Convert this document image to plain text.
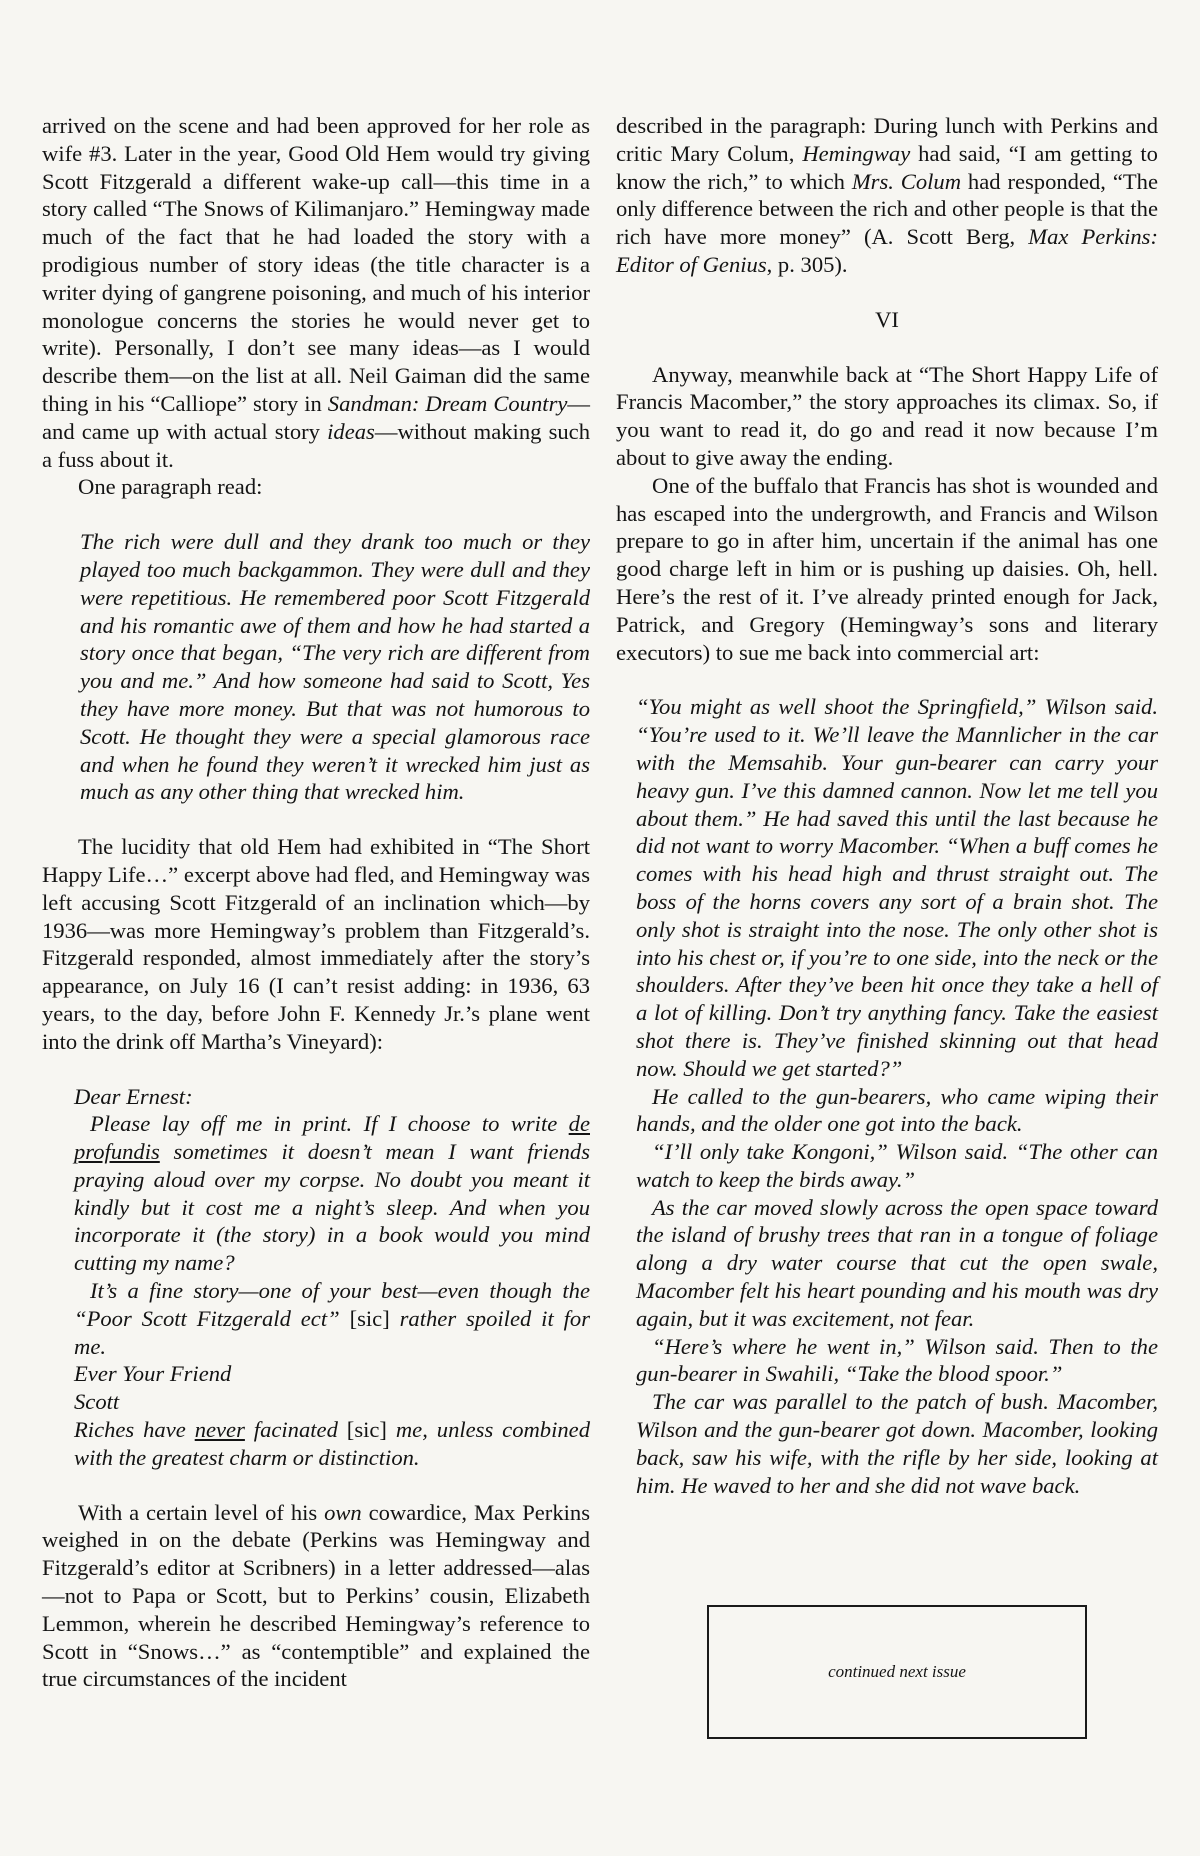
arrived on the scene and had been approved for her role as wife #3. Later in the year, Good Old Hem would try giving Scott Fitzgerald a different wake-up call—this time in a story called “The Snows of Kilimanjaro.” Hemingway made much of the fact that he had loaded the story with a prodigious number of story ideas (the title character is a writer dying of gangrene poisoning, and much of his interior monologue concerns the stories he would never get to write). Personally, I don’t see many ideas—as I would describe them—on the list at all. Neil Gaiman did the same thing in his “Calliope” story in Sandman: Dream Country—and came up with actual story ideas—without making such a fuss about it.

One paragraph read:

The rich were dull and they drank too much or they played too much backgammon. They were dull and they were repetitious. He remembered poor Scott Fitzgerald and his romantic awe of them and how he had started a story once that began, “The very rich are different from you and me.” And how someone had said to Scott, Yes they have more money. But that was not humorous to Scott. He thought they were a special glamorous race and when he found they weren’t it wrecked him just as much as any other thing that wrecked him.

The lucidity that old Hem had exhibited in “The Short Happy Life…” excerpt above had fled, and Hemingway was left accusing Scott Fitzgerald of an inclination which—by 1936—was more Hemingway’s problem than Fitzgerald’s. Fitzgerald responded, almost immediately after the story’s appearance, on July 16 (I can’t resist adding: in 1936, 63 years, to the day, before John F. Kennedy Jr.’s plane went into the drink off Martha’s Vineyard):

Dear Ernest:

Please lay off me in print. If I choose to write de profundis sometimes it doesn’t mean I want friends praying aloud over my corpse. No doubt you meant it kindly but it cost me a night’s sleep. And when you incorporate it (the story) in a book would you mind cutting my name?

It’s a fine story—one of your best—even though the “Poor Scott Fitzgerald ect” [sic] rather spoiled it for me.

Ever Your Friend

Scott

Riches have never facinated [sic] me, unless combined with the greatest charm or distinction.

With a certain level of his own cowardice, Max Perkins weighed in on the debate (Perkins was Hemingway and Fitzgerald’s editor at Scribners) in a letter addressed—alas—not to Papa or Scott, but to Perkins’ cousin, Elizabeth Lemmon, wherein he described Hemingway’s reference to Scott in “Snows…” as “contemptible” and explained the true circumstances of the incident

described in the paragraph: During lunch with Perkins and critic Mary Colum, Hemingway had said, “I am getting to know the rich,” to which Mrs. Colum had responded, “The only difference between the rich and other people is that the rich have more money” (A. Scott Berg, Max Perkins: Editor of Genius, p. 305).

VI

Anyway, meanwhile back at “The Short Happy Life of Francis Macomber,” the story approaches its climax. So, if you want to read it, do go and read it now because I’m about to give away the ending.

One of the buffalo that Francis has shot is wounded and has escaped into the undergrowth, and Francis and Wilson prepare to go in after him, uncertain if the animal has one good charge left in him or is pushing up daisies. Oh, hell. Here’s the rest of it. I’ve already printed enough for Jack, Patrick, and Gregory (Hemingway’s sons and literary executors) to sue me back into commercial art:

“You might as well shoot the Springfield,” Wilson said. “You’re used to it. We’ll leave the Mannlicher in the car with the Memsahib. Your gun-bearer can carry your heavy gun. I’ve this damned cannon. Now let me tell you about them.” He had saved this until the last because he did not want to worry Macomber. “When a buff comes he comes with his head high and thrust straight out. The boss of the horns covers any sort of a brain shot. The only shot is straight into the nose. The only other shot is into his chest or, if you’re to one side, into the neck or the shoulders. After they’ve been hit once they take a hell of a lot of killing. Don’t try anything fancy. Take the easiest shot there is. They’ve finished skinning out that head now. Should we get started?”

He called to the gun-bearers, who came wiping their hands, and the older one got into the back.

“I’ll only take Kongoni,” Wilson said. “The other can watch to keep the birds away.”

As the car moved slowly across the open space toward the island of brushy trees that ran in a tongue of foliage along a dry water course that cut the open swale, Macomber felt his heart pounding and his mouth was dry again, but it was excitement, not fear.

“Here’s where he went in,” Wilson said. Then to the gun-bearer in Swahili, “Take the blood spoor.”

The car was parallel to the patch of bush. Macomber, Wilson and the gun-bearer got down. Macomber, looking back, saw his wife, with the rifle by her side, looking at him. He waved to her and she did not wave back.

continued next issue
